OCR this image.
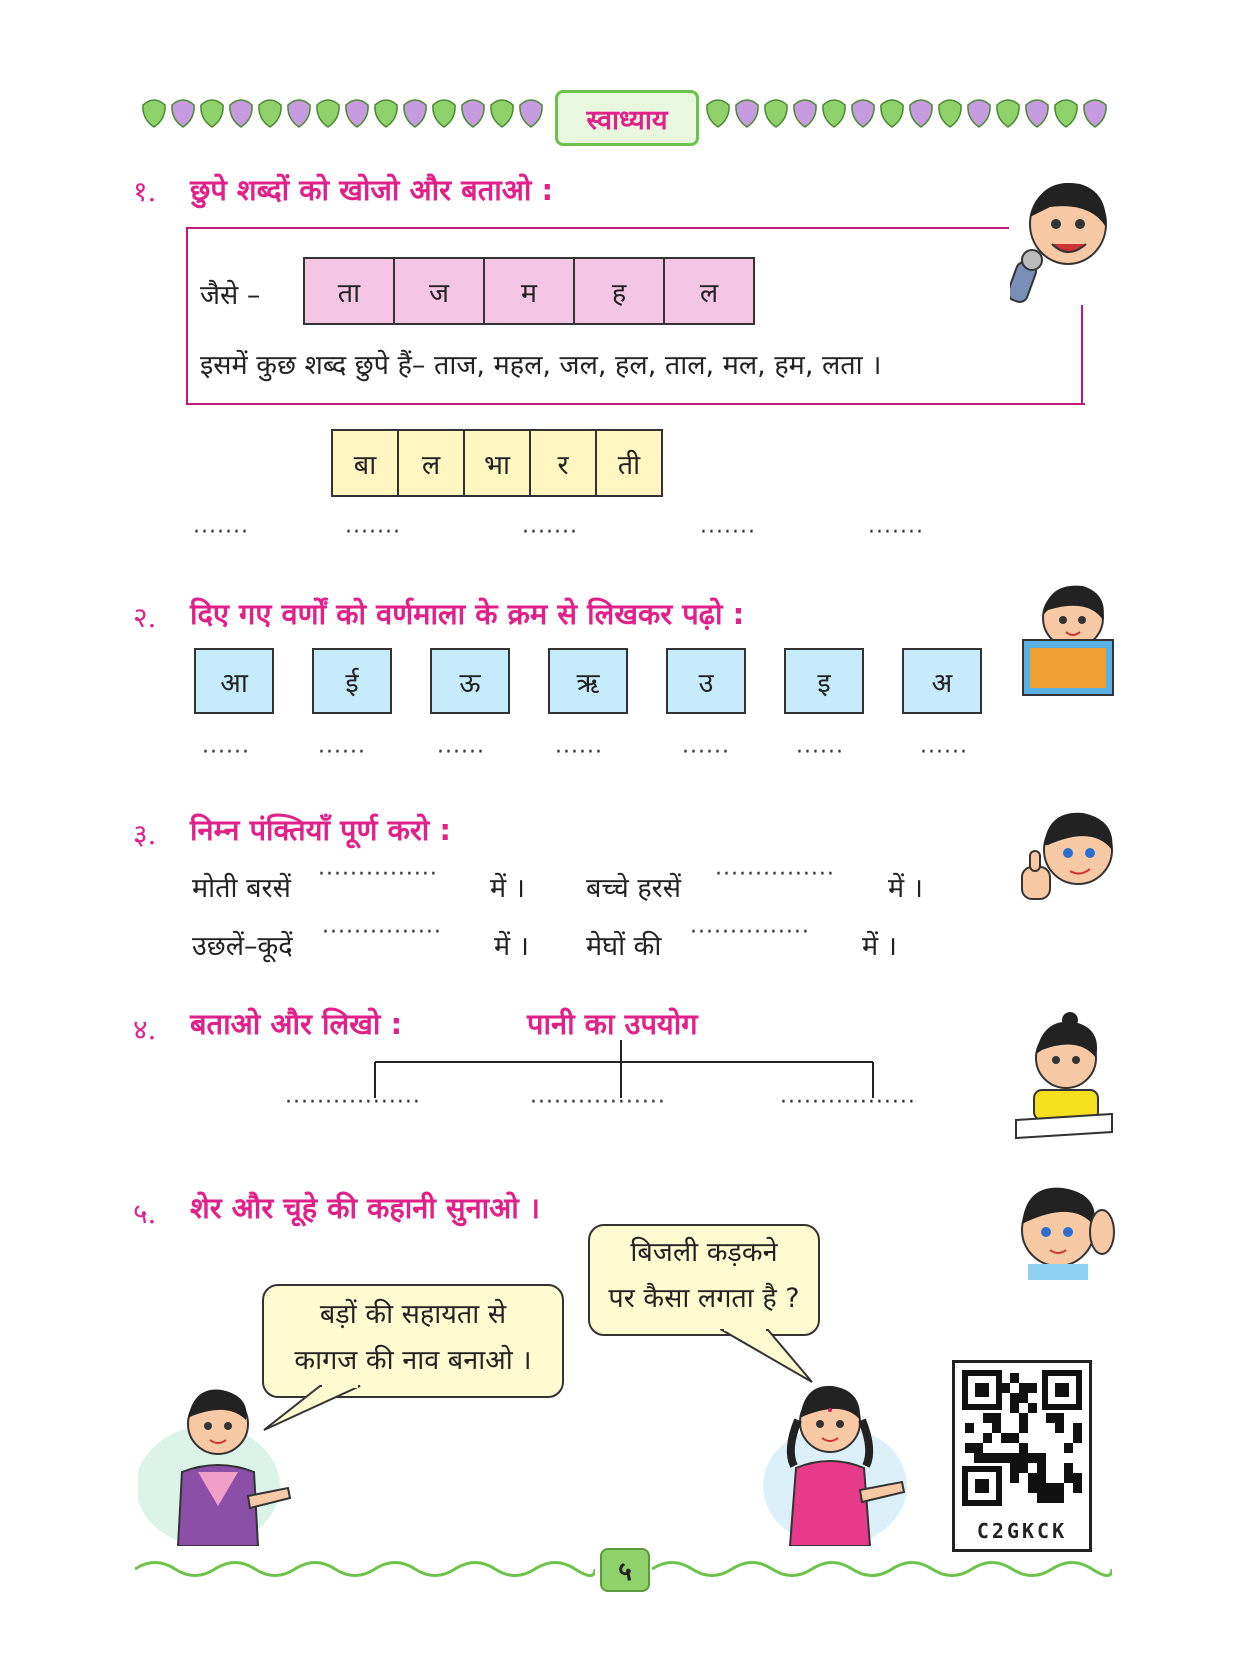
स्वाध्याय
१. छुपे शब्दों को खोजो और बताओ :
जैसे –	ता	ज	म	ह	ल
इसमें कुछ शब्द छुपे हैं– ताज, महल, जल, हल, ताल, मल, हम, लता ।
बा	ल	भा	र	ती
·······	·······	·······	·······	·······
२. दिए गए वर्णों को वर्णमाला के क्रम से लिखकर पढ़ो :
आ	ई	ऊ	ऋ	उ	इ	अ
······	······	······	······	······	······	······
३. निम्न पंक्तियाँ पूर्ण करो :
मोती बरसें ··············· में । बच्चे हरसें ··············· में ।
उछलें–कूदें ··············· में । मेघों की ··············· में ।
४. बताओ और लिखो :	पानी का उपयोग
·················	·················	·················
५. शेर और चूहे की कहानी सुनाओ ।
बड़ों की सहायता से
कागज की नाव बनाओ ।
बिजली कड़कने
पर कैसा लगता है ?
C2GKCK
५
